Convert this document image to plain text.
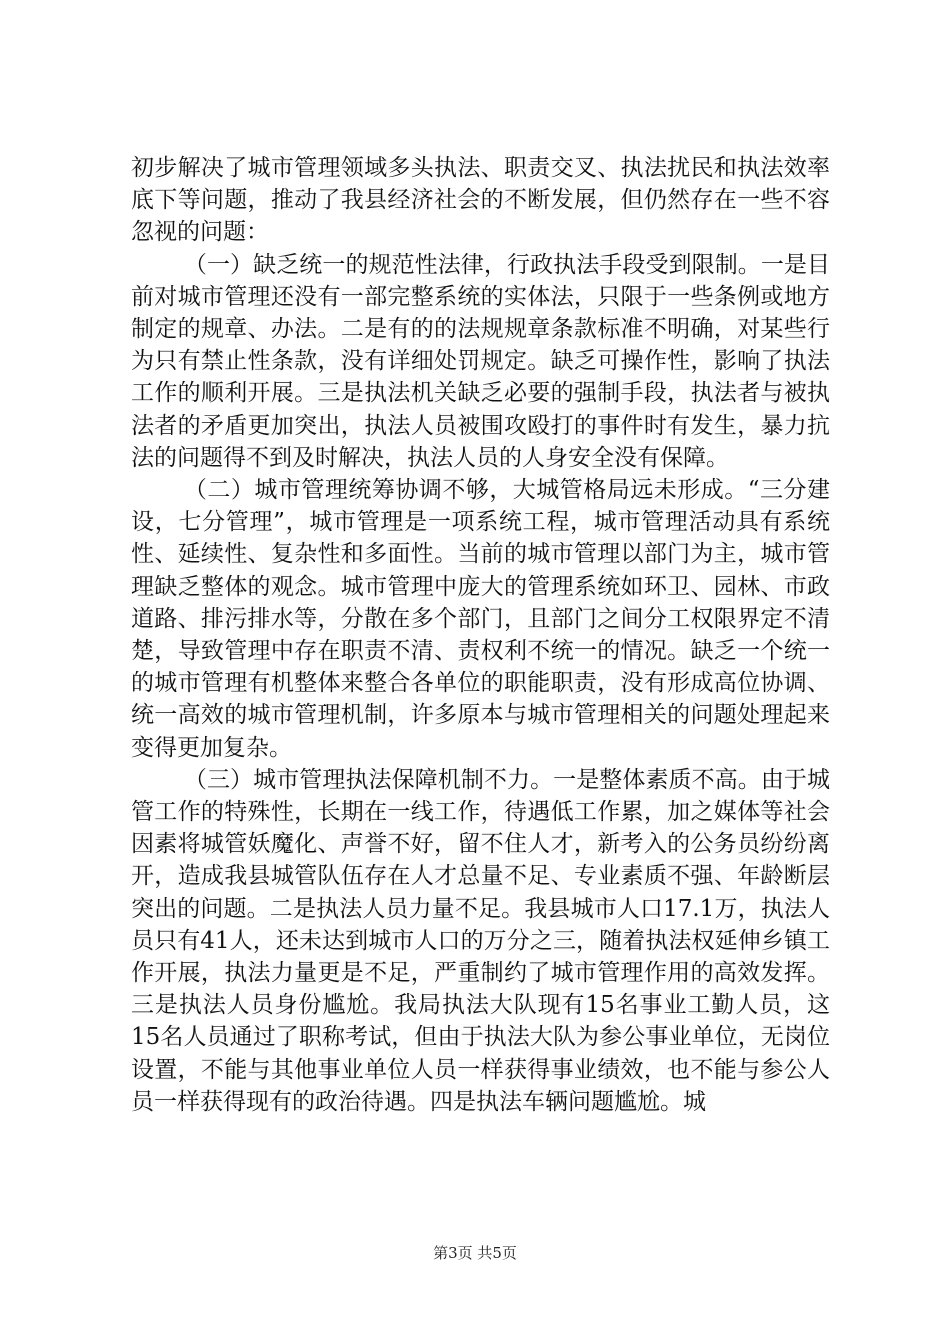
初步解决了城市管理领域多头执法、职责交叉、执法扰民和执法效率底下等问题，推动了我县经济社会的不断发展，但仍然存在一些不容忽视的问题：

（一）缺乏统一的规范性法律，行政执法手段受到限制。一是目前对城市管理还没有一部完整系统的实体法，只限于一些条例或地方制定的规章、办法。二是有的的法规规章条款标准不明确，对某些行为只有禁止性条款，没有详细处罚规定。缺乏可操作性，影响了执法工作的顺利开展。三是执法机关缺乏必要的强制手段，执法者与被执法者的矛盾更加突出，执法人员被围攻殴打的事件时有发生，暴力抗法的问题得不到及时解决，执法人员的人身安全没有保障。

（二）城市管理统筹协调不够，大城管格局远未形成。“三分建设，七分管理”，城市管理是一项系统工程，城市管理活动具有系统性、延续性、复杂性和多面性。当前的城市管理以部门为主，城市管理缺乏整体的观念。城市管理中庞大的管理系统如环卫、园林、市政道路、排污排水等，分散在多个部门，且部门之间分工权限界定不清楚，导致管理中存在职责不清、责权利不统一的情况。缺乏一个统一的城市管理有机整体来整合各单位的职能职责，没有形成高位协调、统一高效的城市管理机制，许多原本与城市管理相关的问题处理起来变得更加复杂。

（三）城市管理执法保障机制不力。一是整体素质不高。由于城管工作的特殊性，长期在一线工作，待遇低工作累，加之媒体等社会因素将城管妖魔化、声誉不好，留不住人才，新考入的公务员纷纷离开，造成我县城管队伍存在人才总量不足、专业素质不强、年龄断层突出的问题。二是执法人员力量不足。我县城市人口17.1万，执法人员只有41人，还未达到城市人口的万分之三，随着执法权延伸乡镇工作开展，执法力量更是不足，严重制约了城市管理作用的高效发挥。三是执法人员身份尴尬。我局执法大队现有15名事业工勤人员，这15名人员通过了职称考试，但由于执法大队为参公事业单位，无岗位设置，不能与其他事业单位人员一样获得事业绩效，也不能与参公人员一样获得现有的政治待遇。四是执法车辆问题尴尬。城

第3页 共5页
